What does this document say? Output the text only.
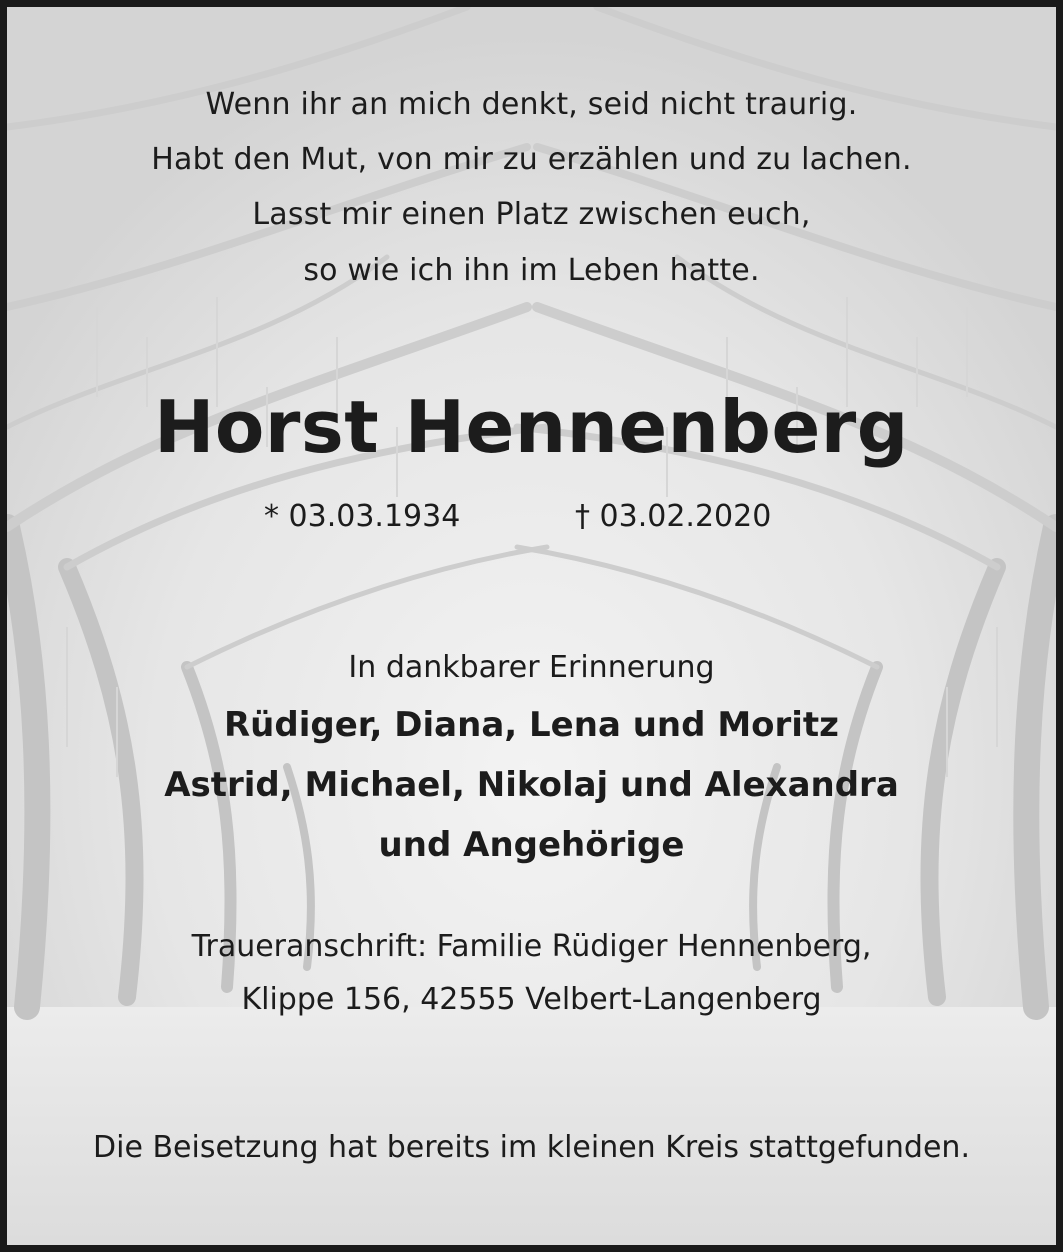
Wenn ihr an mich denkt, seid nicht traurig.
Habt den Mut, von mir zu erzählen und zu lachen.
Lasst mir einen Platz zwischen euch,
so wie ich ihn im Leben hatte.
Horst Hennenberg
* 03.03.1934	† 03.02.2020
In dankbarer Erinnerung
Rüdiger, Diana, Lena und Moritz
Astrid, Michael, Nikolaj und Alexandra
und Angehörige
Traueranschrift: Familie Rüdiger Hennenberg,
Klippe 156, 42555 Velbert-Langenberg
Die Beisetzung hat bereits im kleinen Kreis stattgefunden.
